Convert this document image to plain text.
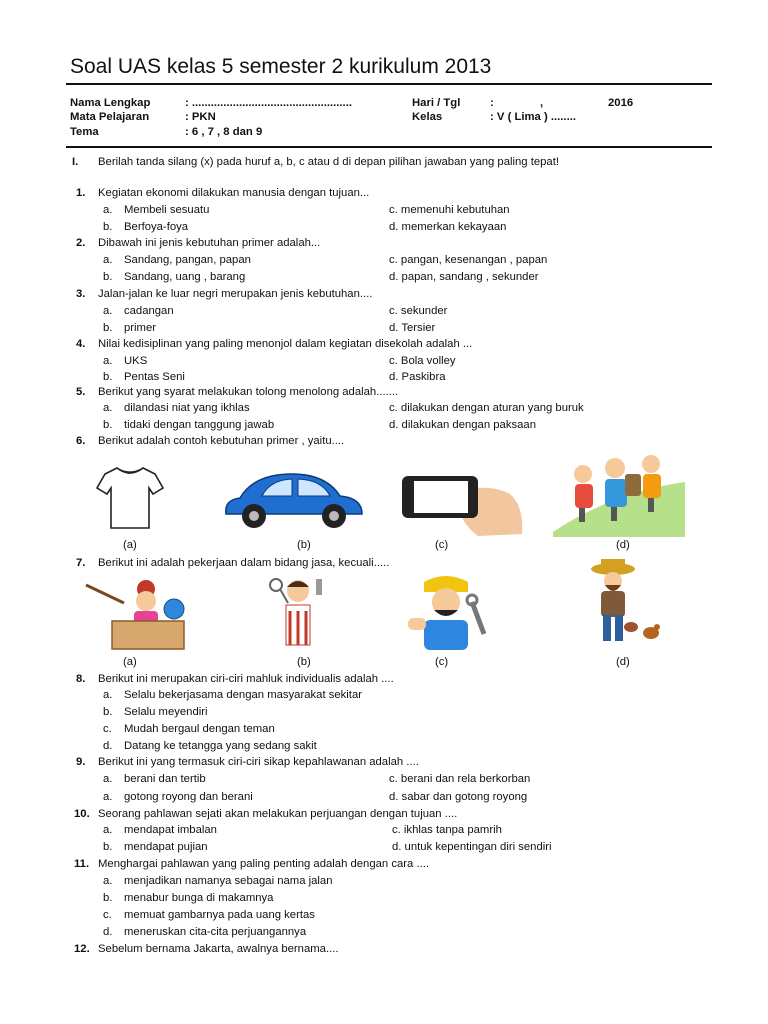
Soal UAS kelas 5 semester 2 kurikulum 2013
Nama Lengkap	: ...................................................
Mata Pelajaran	: PKN
Tema	: 6 , 7 , 8 dan 9
Hari / Tgl	:	,	2016
Kelas	: V ( Lima ) ........
I. Berilah tanda silang (x) pada huruf a, b, c atau d di depan pilihan jawaban yang paling tepat!
1. Kegiatan ekonomi dilakukan manusia dengan tujuan...
a. Membeli sesuatu
b. Berfoya-foya
c. memenuhi kebutuhan
d. memerkan kekayaan
2. Dibawah ini jenis kebutuhan primer adalah...
a. Sandang, pangan, papan
b. Sandang, uang , barang
c. pangan, kesenangan , papan
d. papan, sandang , sekunder
3. Jalan-jalan ke luar negri merupakan jenis kebutuhan....
a. cadangan
b. primer
c. sekunder
d. Tersier
4. Nilai kedisiplinan yang paling menonjol dalam kegiatan disekolah adalah ...
a. UKS
b. Pentas Seni
c. Bola volley
d. Paskibra
5. Berikut yang syarat melakukan tolong menolong adalah.......
a. dilandasi niat yang ikhlas
b. tidaki dengan tanggung jawab
c. dilakukan dengan aturan yang buruk
d. dilakukan dengan paksaan
6. Berikut adalah contoh kebutuhan primer , yaitu....
(a)	(b)	(c)	(d)
7. Berikut ini adalah pekerjaan dalam bidang jasa, kecuali.....
(a)	(b)	(c)	(d)
8. Berikut ini merupakan ciri-ciri mahluk individualis adalah ....
a. Selalu bekerjasama dengan masyarakat sekitar
b. Selalu meyendiri
c. Mudah bergaul dengan teman
d. Datang ke tetangga yang sedang sakit
9. Berikut ini yang termasuk ciri-ciri sikap kepahlawanan adalah ....
a. berani dan tertib
a. gotong royong dan berani
c. berani dan rela berkorban
d. sabar dan gotong royong
10. Seorang pahlawan sejati akan melakukan perjuangan dengan tujuan ....
a. mendapat imbalan
b. mendapat pujian
c. ikhlas tanpa pamrih
d. untuk kepentingan diri sendiri
11. Menghargai pahlawan yang paling penting adalah dengan cara ....
a. menjadikan namanya sebagai nama jalan
b. menabur bunga di makamnya
c. memuat gambarnya pada uang kertas
d. meneruskan cita-cita perjuangannya
12. Sebelum bernama Jakarta, awalnya bernama....
